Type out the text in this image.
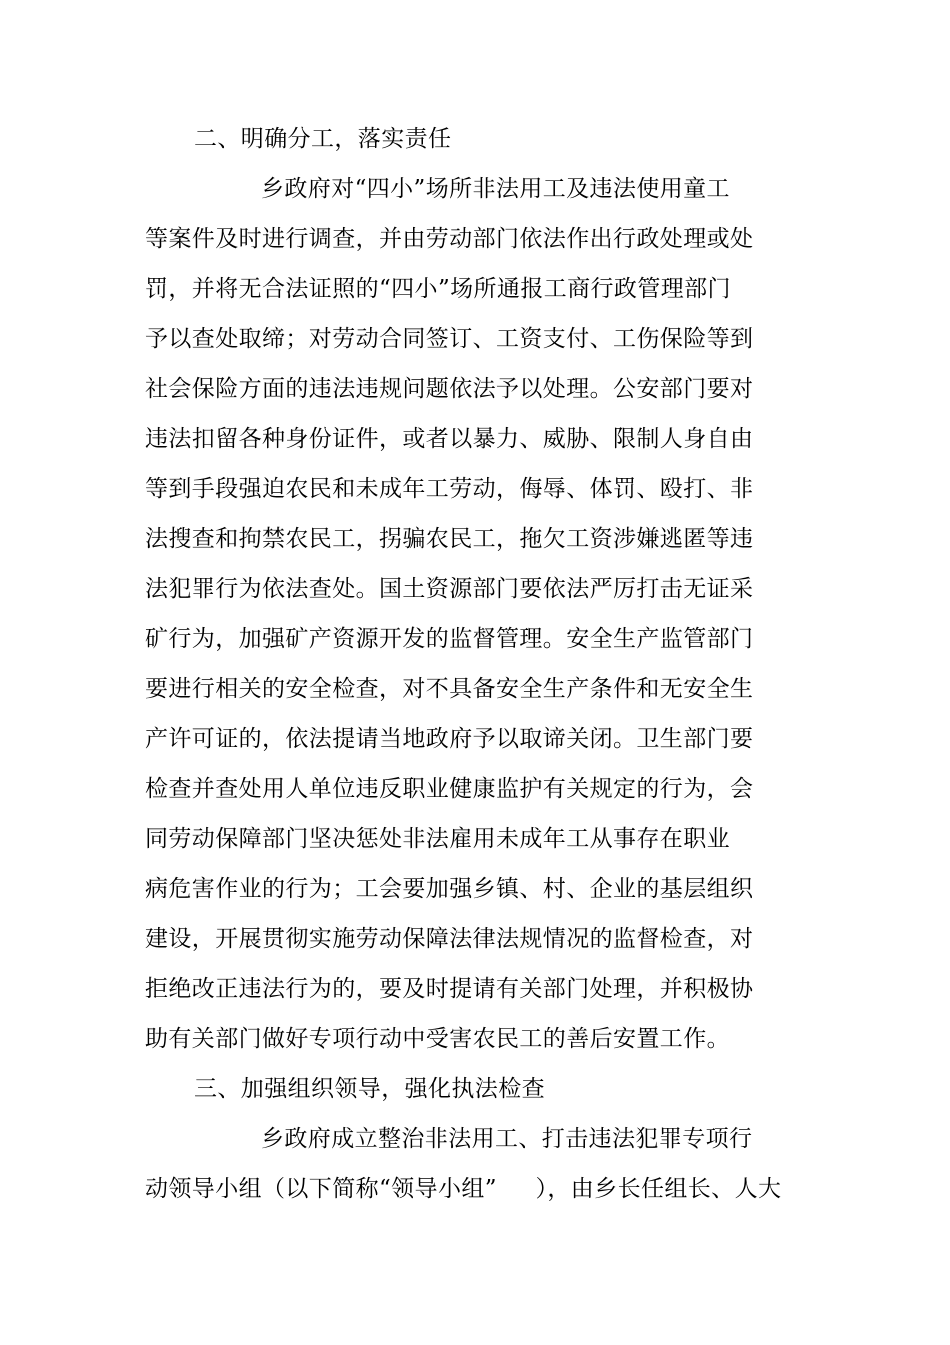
二、明确分工，落实责任
乡政府对“四小”场所非法用工及违法使用童工
等案件及时进行调查，并由劳动部门依法作出行政处理或处
罚，并将无合法证照的“四小”场所通报工商行政管理部门
予以查处取缔；对劳动合同签订、工资支付、工伤保险等到
社会保险方面的违法违规问题依法予以处理。公安部门要对
违法扣留各种身份证件，或者以暴力、威胁、限制人身自由
等到手段强迫农民和未成年工劳动，侮辱、体罚、殴打、非
法搜查和拘禁农民工，拐骗农民工，拖欠工资涉嫌逃匿等违
法犯罪行为依法查处。国土资源部门要依法严厉打击无证采
矿行为，加强矿产资源开发的监督管理。安全生产监管部门
要进行相关的安全检查，对不具备安全生产条件和无安全生
产许可证的，依法提请当地政府予以取谛关闭。卫生部门要
检查并查处用人单位违反职业健康监护有关规定的行为，会
同劳动保障部门坚决惩处非法雇用未成年工从事存在职业
病危害作业的行为；工会要加强乡镇、村、企业的基层组织
建设，开展贯彻实施劳动保障法律法规情况的监督检查，对
拒绝改正违法行为的，要及时提请有关部门处理，并积极协
助有关部门做好专项行动中受害农民工的善后安置工作。
三、加强组织领导，强化执法检查
乡政府成立整治非法用工、打击违法犯罪专项行
动领导小组（以下简称“领导小组”     ），由乡长任组长、人大
